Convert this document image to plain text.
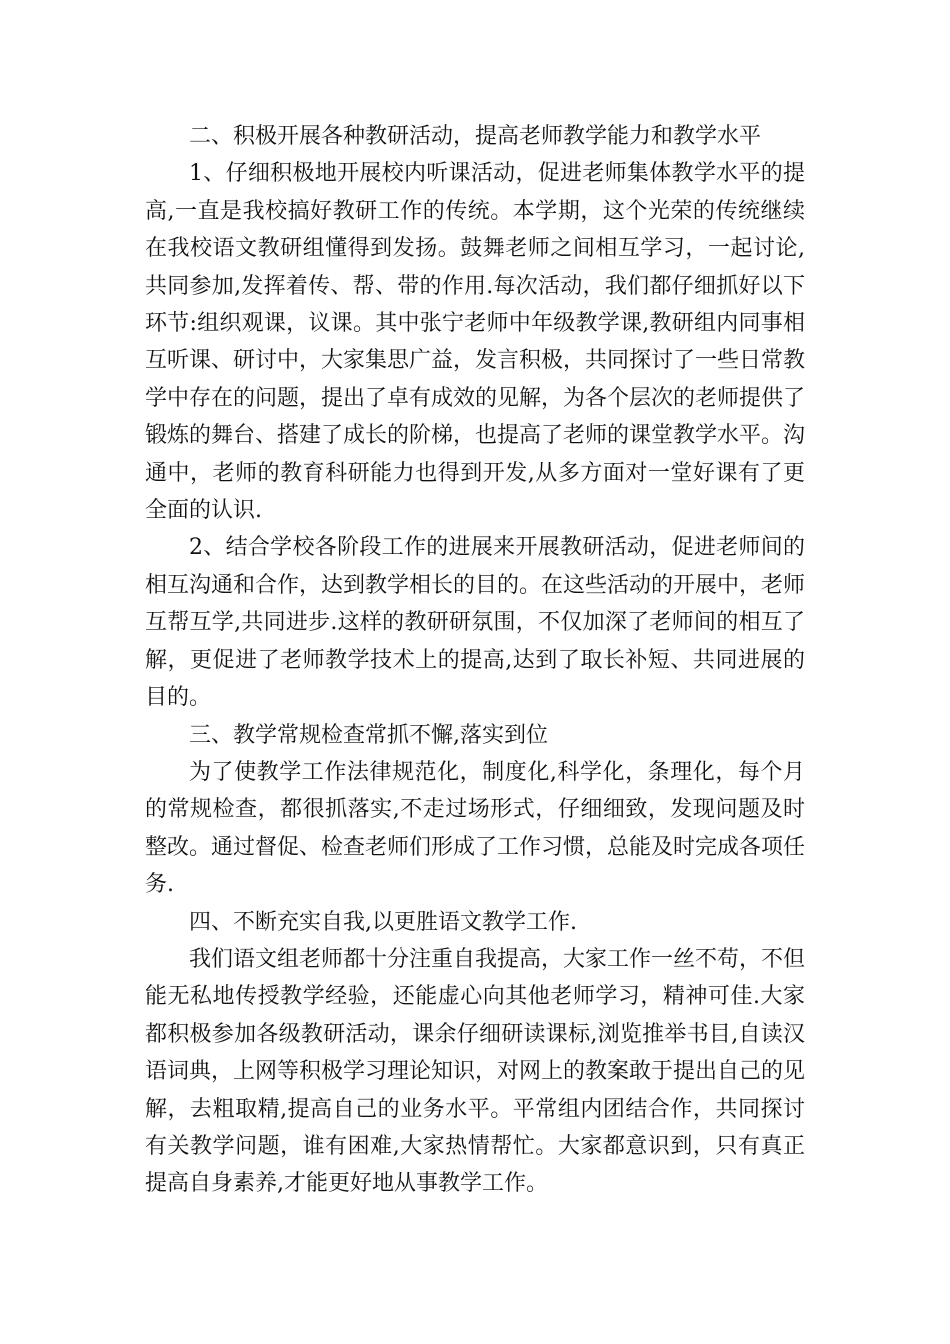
二、积极开展各种教研活动，提高老师教学能力和教学水平

1、仔细积极地开展校内听课活动，促进老师集体教学水平的提高,一直是我校搞好教研工作的传统。本学期，这个光荣的传统继续在我校语文教研组懂得到发扬。鼓舞老师之间相互学习，一起讨论,共同参加,发挥着传、帮、带的作用.每次活动，我们都仔细抓好以下环节:组织观课，议课。其中张宁老师中年级教学课,教研组内同事相互听课、研讨中，大家集思广益，发言积极，共同探讨了一些日常教学中存在的问题，提出了卓有成效的见解，为各个层次的老师提供了锻炼的舞台、搭建了成长的阶梯，也提高了老师的课堂教学水平。沟通中，老师的教育科研能力也得到开发,从多方面对一堂好课有了更全面的认识.

2、结合学校各阶段工作的进展来开展教研活动，促进老师间的相互沟通和合作，达到教学相长的目的。在这些活动的开展中，老师互帮互学,共同进步.这样的教研研氛围，不仅加深了老师间的相互了解，更促进了老师教学技术上的提高,达到了取长补短、共同进展的目的。

三、教学常规检查常抓不懈,落实到位

为了使教学工作法律规范化，制度化,科学化，条理化，每个月的常规检查，都很抓落实,不走过场形式，仔细细致，发现问题及时整改。通过督促、检查老师们形成了工作习惯，总能及时完成各项任务.

四、不断充实自我,以更胜语文教学工作.

我们语文组老师都十分注重自我提高，大家工作一丝不苟，不但能无私地传授教学经验，还能虚心向其他老师学习，精神可佳.大家都积极参加各级教研活动，课余仔细研读课标,浏览推举书目,自读汉语词典，上网等积极学习理论知识，对网上的教案敢于提出自己的见解，去粗取精,提高自己的业务水平。平常组内团结合作，共同探讨有关教学问题，谁有困难,大家热情帮忙。大家都意识到，只有真正提高自身素养,才能更好地从事教学工作。
